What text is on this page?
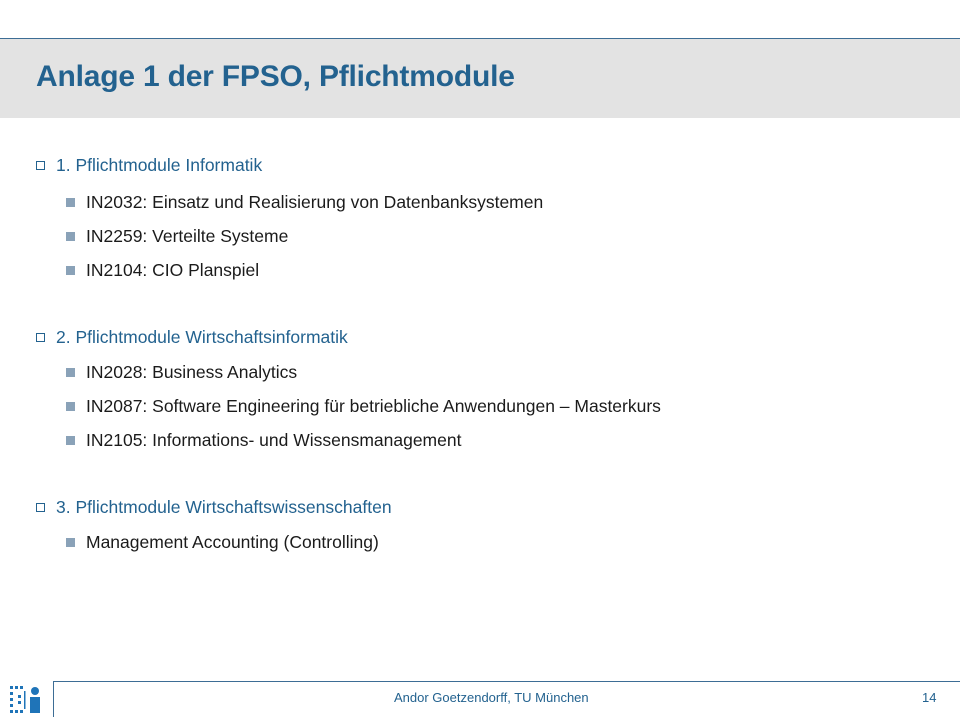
Anlage 1 der FPSO, Pflichtmodule
1. Pflichtmodule Informatik
IN2032: Einsatz und Realisierung von Datenbanksystemen
IN2259: Verteilte Systeme
IN2104: CIO Planspiel
2. Pflichtmodule Wirtschaftsinformatik
IN2028: Business Analytics
IN2087: Software Engineering für betriebliche Anwendungen – Masterkurs
IN2105: Informations- und Wissensmanagement
3. Pflichtmodule Wirtschaftswissenschaften
Management Accounting (Controlling)
Andor Goetzendorff, TU München	14
